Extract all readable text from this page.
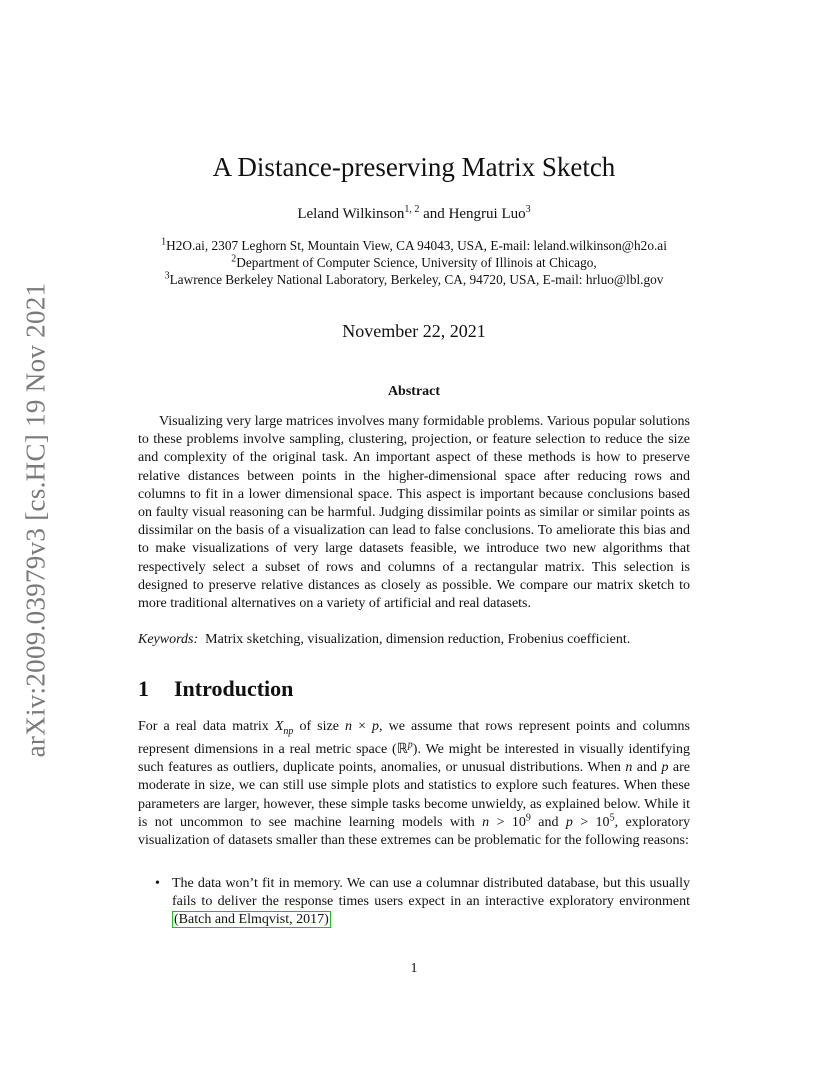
arXiv:2009.03979v3 [cs.HC] 19 Nov 2021
A Distance-preserving Matrix Sketch
Leland Wilkinson$^{1, 2}$ and Hengrui Luo$^3$
$^1$H2O.ai, 2307 Leghorn St, Mountain View, CA 94043, USA, E-mail: leland.wilkinson@h2o.ai
$^2$Department of Computer Science, University of Illinois at Chicago,
$^3$Lawrence Berkeley National Laboratory, Berkeley, CA, 94720, USA, E-mail: hrluo@lbl.gov
November 22, 2021
Abstract
Visualizing very large matrices involves many formidable problems. Various popular solutions to these problems involve sampling, clustering, projection, or feature selection to reduce the size and complexity of the original task. An important aspect of these methods is how to preserve relative distances between points in the higher-dimensional space after reducing rows and columns to fit in a lower dimensional space. This aspect is important because conclusions based on faulty visual reasoning can be harmful. Judging dissimilar points as similar or similar points as dissimilar on the basis of a visualization can lead to false conclusions. To ameliorate this bias and to make visualizations of very large datasets feasible, we introduce two new algorithms that respectively select a subset of rows and columns of a rectangular matrix. This selection is designed to preserve relative distances as closely as possible. We compare our matrix sketch to more traditional alternatives on a variety of artificial and real datasets.
Keywords: Matrix sketching, visualization, dimension reduction, Frobenius coefficient.
1 Introduction
For a real data matrix $X_{np}$ of size n × p, we assume that rows represent points and columns represent dimensions in a real metric space (ℝ$^p$). We might be interested in visually identifying such features as outliers, duplicate points, anomalies, or unusual distributions. When n and p are moderate in size, we can still use simple plots and statistics to explore such features. When these parameters are larger, however, these simple tasks become unwieldy, as explained below. While it is not uncommon to see machine learning models with $n > 10^9$ and $p > 10^5$, exploratory visualization of datasets smaller than these extremes can be problematic for the following reasons:
• The data won’t fit in memory. We can use a columnar distributed database, but this usually fails to deliver the response times users expect in an interactive exploratory environment (Batch and Elmqvist, 2017)
1
